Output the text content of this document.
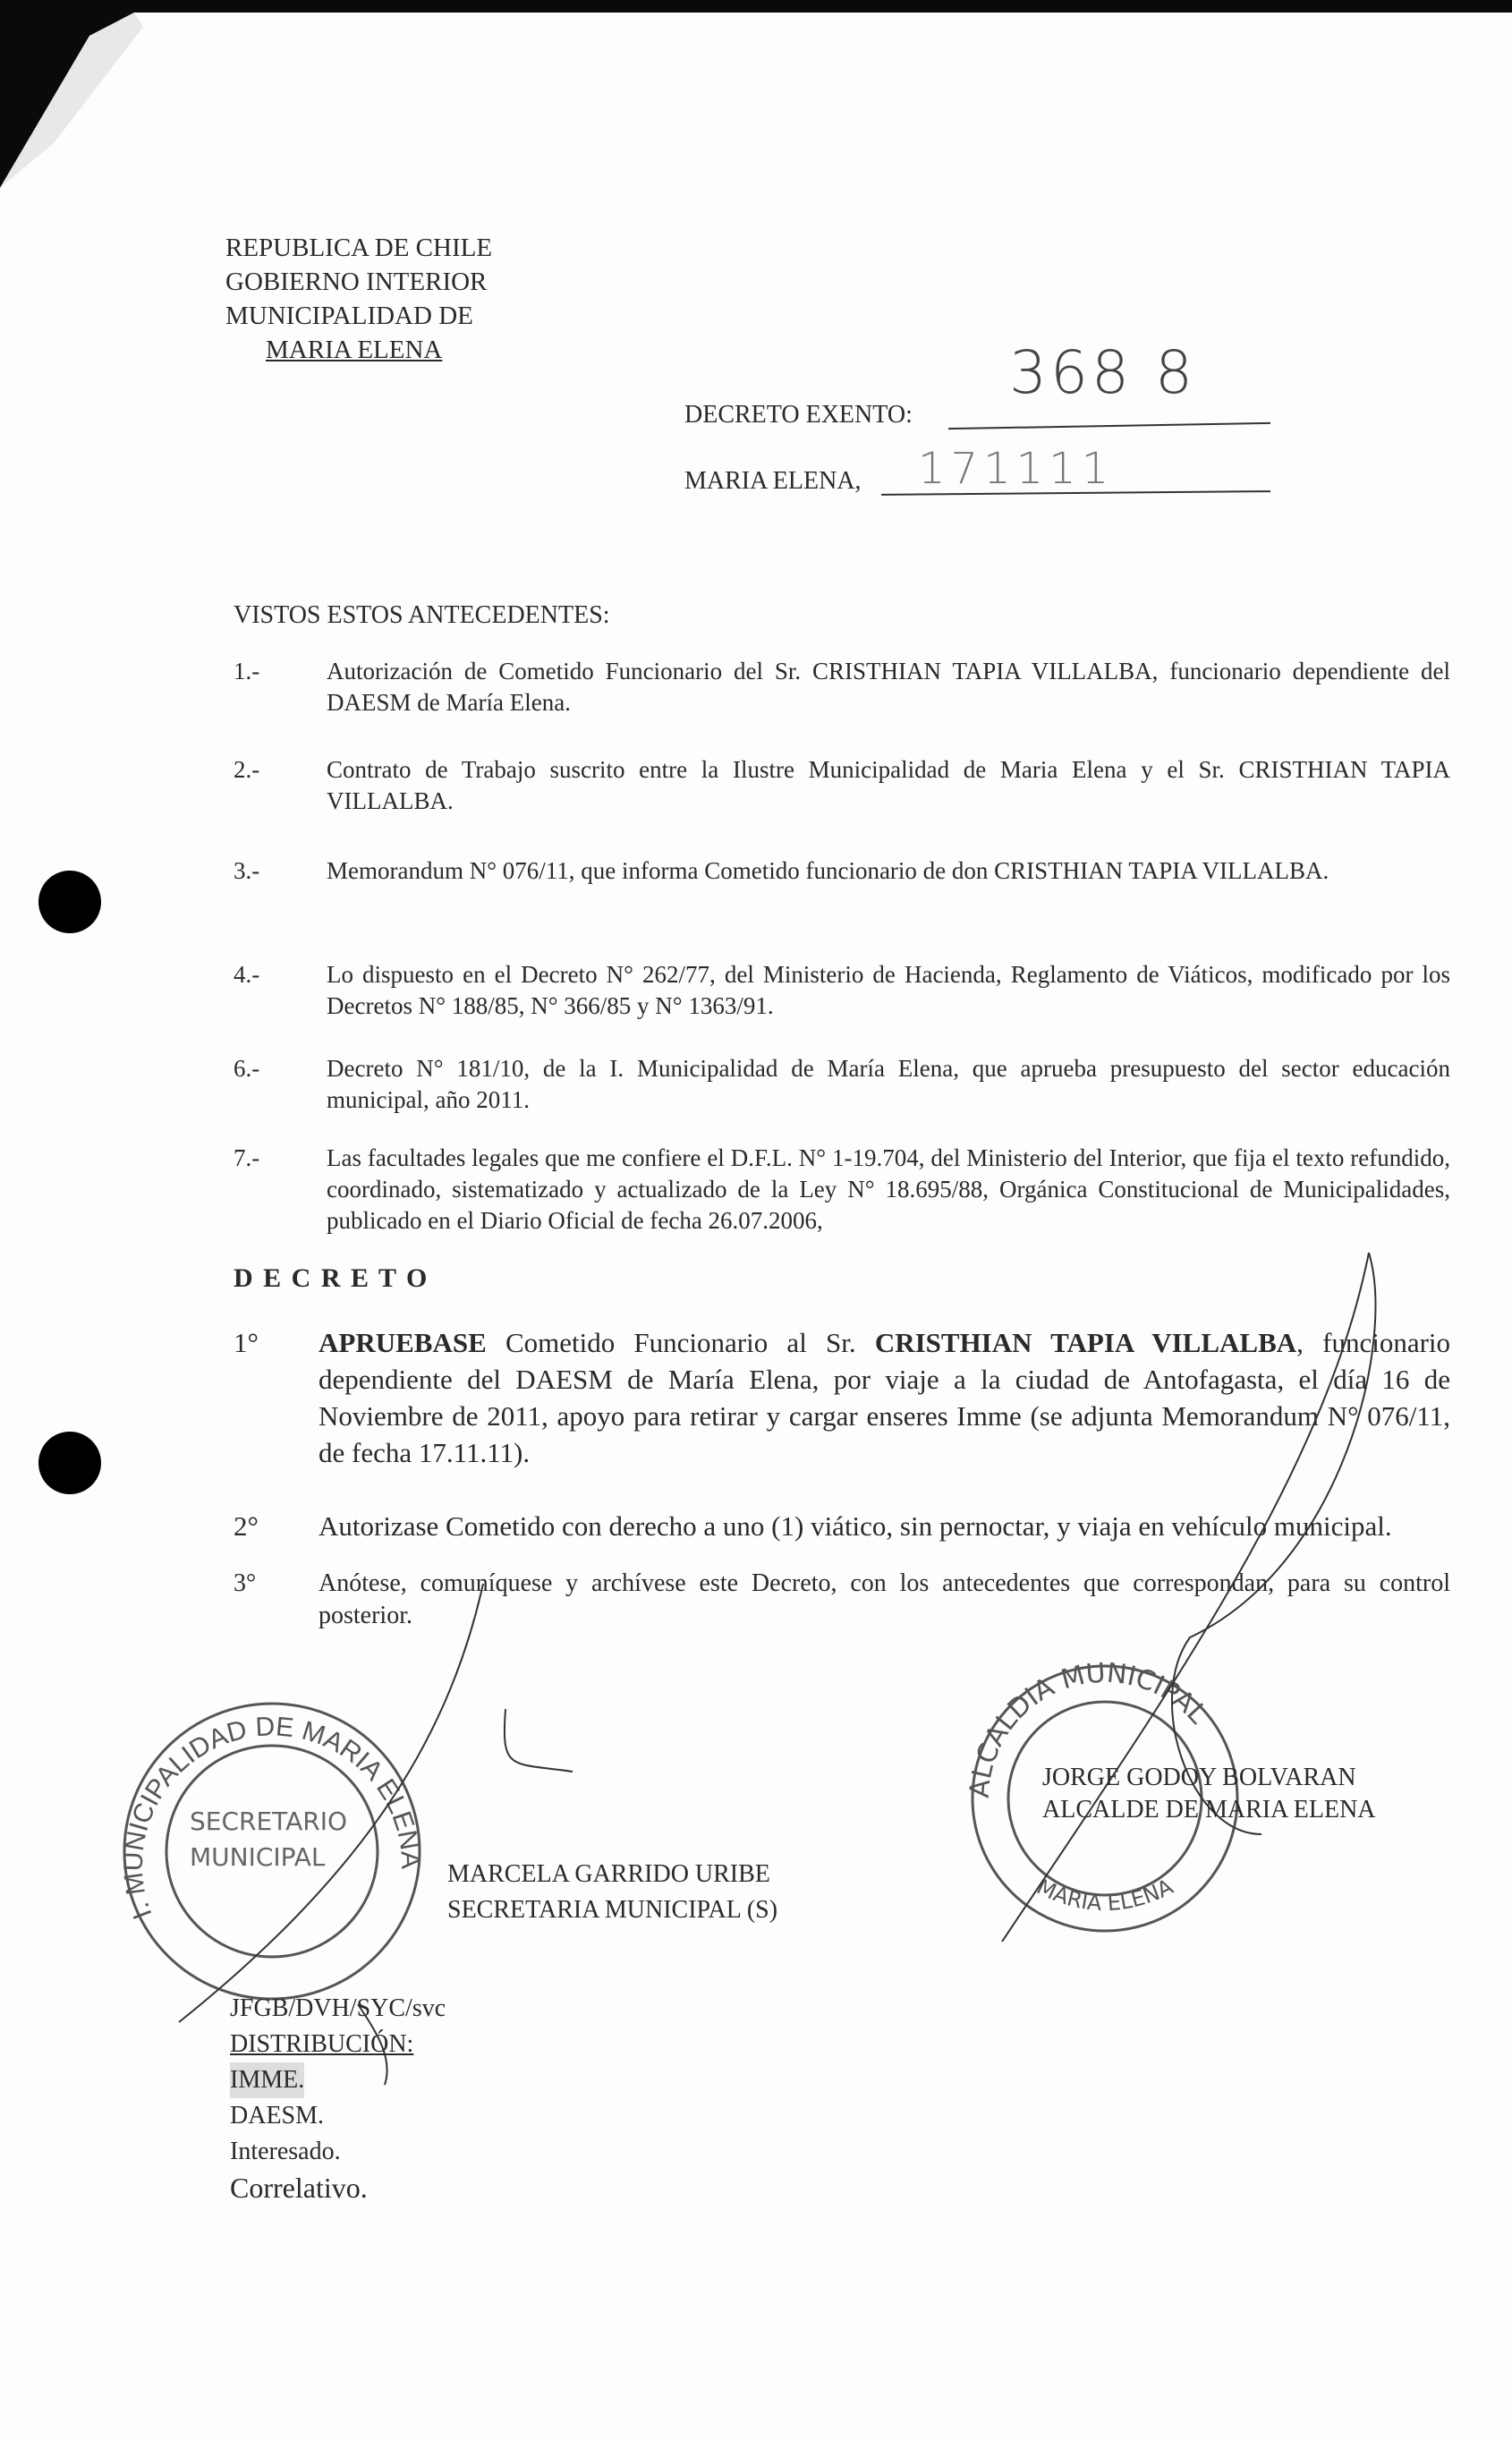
REPUBLICA DE CHILE
GOBIERNO INTERIOR
MUNICIPALIDAD DE
MARIA ELENA
DECRETO EXENTO:
368 8
MARIA ELENA, 171111
VISTOS ESTOS ANTECEDENTES:
1.-	Autorización de Cometido Funcionario del Sr. CRISTHIAN TAPIA VILLALBA, funcionario dependiente del DAESM de María Elena.
2.-	Contrato de Trabajo suscrito entre la Ilustre Municipalidad de Maria Elena y el Sr. CRISTHIAN TAPIA VILLALBA.
3.-	Memorandum N° 076/11, que informa Cometido funcionario de don CRISTHIAN TAPIA VILLALBA.
4.-	Lo dispuesto en el Decreto N° 262/77, del Ministerio de Hacienda, Reglamento de Viáticos, modificado por los Decretos N° 188/85, N° 366/85 y N° 1363/91.
6.-	Decreto N° 181/10, de la I. Municipalidad de María Elena, que aprueba presupuesto del sector educación municipal, año 2011.
7.-	Las facultades legales que me confiere el D.F.L. N° 1-19.704, del Ministerio del Interior, que fija el texto refundido, coordinado, sistematizado y actualizado de la Ley N° 18.695/88, Orgánica Constitucional de Municipalidades, publicado en el Diario Oficial de fecha 26.07.2006,
D E C R E T O
1° APRUEBASE Cometido Funcionario al Sr. CRISTHIAN TAPIA VILLALBA, funcionario dependiente del DAESM de María Elena, por viaje a la ciudad de Antofagasta, el día 16 de Noviembre de 2011, apoyo para retirar y cargar enseres Imme (se adjunta Memorandum N° 076/11, de fecha 17.11.11).
2° Autorizase Cometido con derecho a uno (1) viático, sin pernoctar, y viaja en vehículo municipal.
3° Anótese, comuníquese y archívese este Decreto, con los antecedentes que correspondan, para su control posterior.
I. MUNICIPALIDAD DE MARIA ELENA
SECRETARIO
MUNICIPAL
ALCALDIA MUNICIPAL
MARIA ELENA
MARCELA GARRIDO URIBE
SECRETARIA MUNICIPAL (S)
JORGE GODOY BOLVARAN
ALCALDE DE MARIA ELENA
JFGB/DVH/SYC/svc
DISTRIBUCIÓN:
IMME.
DAESM.
Interesado.
Correlativo.
